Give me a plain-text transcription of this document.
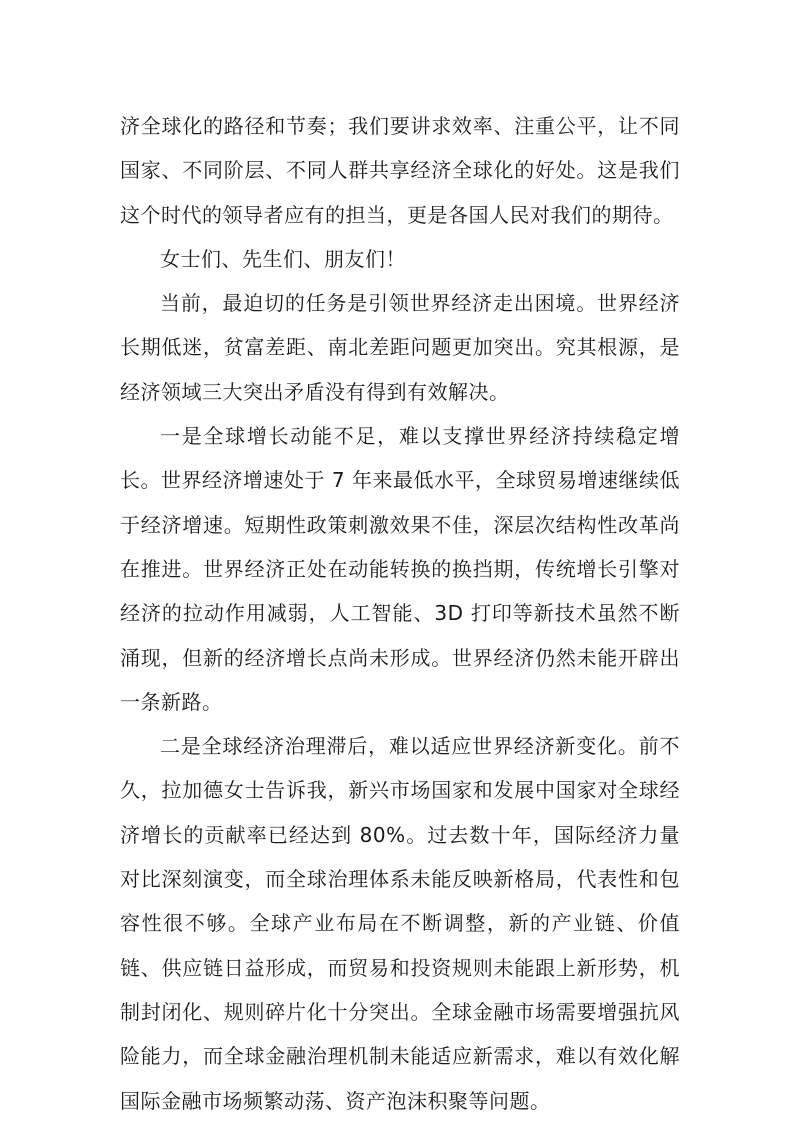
济全球化的路径和节奏；我们要讲求效率、注重公平，让不同国家、不同阶层、不同人群共享经济全球化的好处。这是我们这个时代的领导者应有的担当，更是各国人民对我们的期待。

女士们、先生们、朋友们！

当前，最迫切的任务是引领世界经济走出困境。世界经济长期低迷，贫富差距、南北差距问题更加突出。究其根源，是经济领域三大突出矛盾没有得到有效解决。

一是全球增长动能不足，难以支撑世界经济持续稳定增长。世界经济增速处于 7 年来最低水平，全球贸易增速继续低于经济增速。短期性政策刺激效果不佳，深层次结构性改革尚在推进。世界经济正处在动能转换的换挡期，传统增长引擎对经济的拉动作用减弱，人工智能、3D 打印等新技术虽然不断涌现，但新的经济增长点尚未形成。世界经济仍然未能开辟出一条新路。

二是全球经济治理滞后，难以适应世界经济新变化。前不久，拉加德女士告诉我，新兴市场国家和发展中国家对全球经济增长的贡献率已经达到 80%。过去数十年，国际经济力量对比深刻演变，而全球治理体系未能反映新格局，代表性和包容性很不够。全球产业布局在不断调整，新的产业链、价值链、供应链日益形成，而贸易和投资规则未能跟上新形势，机制封闭化、规则碎片化十分突出。全球金融市场需要增强抗风险能力，而全球金融治理机制未能适应新需求，难以有效化解国际金融市场频繁动荡、资产泡沫积聚等问题。
